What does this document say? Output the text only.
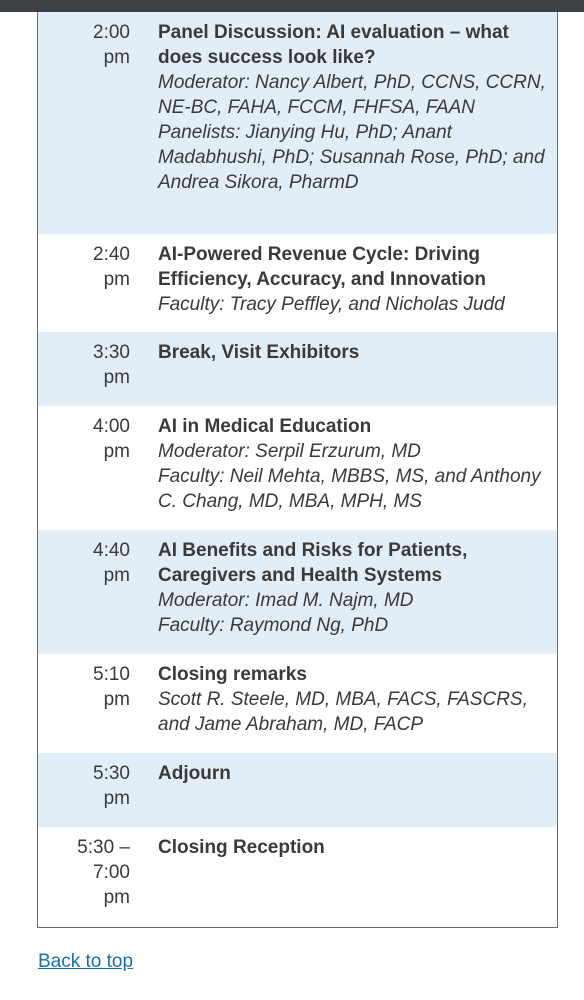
2:00
pm
Panel Discussion: AI evaluation – what does success look like?
Moderator: Nancy Albert, PhD, CCNS, CCRN, NE-BC, FAHA, FCCM, FHFSA, FAAN
Panelists: Jianying Hu, PhD; Anant Madabhushi, PhD; Susannah Rose, PhD; and Andrea Sikora, PharmD
2:40
pm
AI-Powered Revenue Cycle: Driving Efficiency, Accuracy, and Innovation
Faculty: Tracy Peffley, and Nicholas Judd
3:30
pm
Break, Visit Exhibitors
4:00
pm
AI in Medical Education
Moderator: Serpil Erzurum, MD
Faculty: Neil Mehta, MBBS, MS, and Anthony C. Chang, MD, MBA, MPH, MS
4:40
pm
AI Benefits and Risks for Patients, Caregivers and Health Systems
Moderator: Imad M. Najm, MD
Faculty: Raymond Ng, PhD
5:10
pm
Closing remarks
Scott R. Steele, MD, MBA, FACS, FASCRS, and Jame Abraham, MD, FACP
5:30
pm
Adjourn
5:30 –
7:00
pm
Closing Reception
Back to top
